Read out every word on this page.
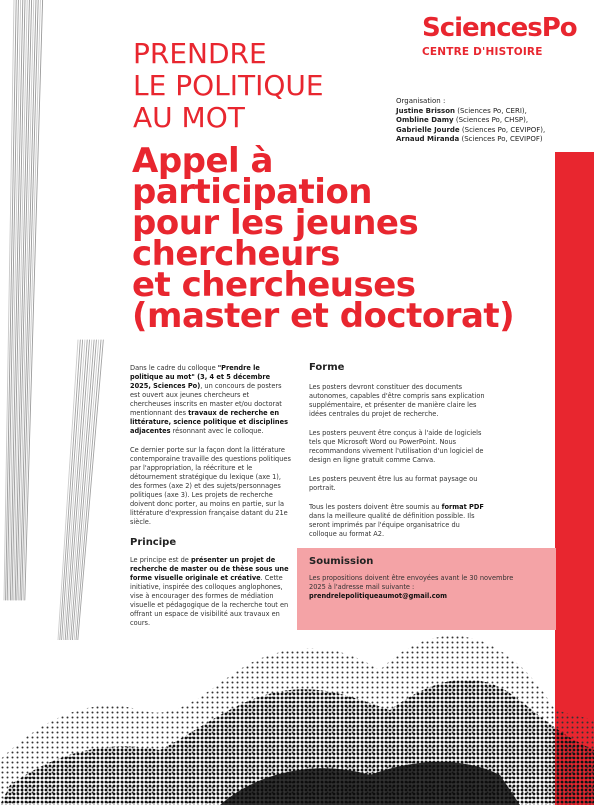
SciencesPo
CENTRE D'HISTOIRE
PRENDRE
LE POLITIQUE
AU MOT	Organisation :
Justine Brisson (Sciences Po, CERI),
Ombline Damy (Sciences Po, CHSP),
Gabrielle Jourde (Sciences Po, CEVIPOF),
Arnaud Miranda (Sciences Po, CEVIPOF)
Appel à
participation
pour les jeunes
chercheurs
et chercheuses
(master et doctorat)

Dans le cadre du colloque "Prendre le politique au mot" (3, 4 et 5 décembre 2025, Sciences Po), un concours de posters est ouvert aux jeunes chercheurs et chercheuses inscrits en master et/ou doctorat mentionnant des travaux de recherche en littérature, science politique et disciplines adjacentes résonnant avec le colloque.

Ce dernier porte sur la façon dont la littérature contemporaine travaille des questions politiques par l'appropriation, la réécriture et le détournement stratégique du lexique (axe 1), des formes (axe 2) et des sujets/personnages politiques (axe 3). Les projets de recherche doivent donc porter, au moins en partie, sur la littérature d'expression française datant du 21e siècle.

Principe

Le principe est de présenter un projet de recherche de master ou de thèse sous une forme visuelle originale et créative. Cette initiative, inspirée des colloques anglophones, vise à encourager des formes de médiation visuelle et pédagogique de la recherche tout en offrant un espace de visibilité aux travaux en cours.

Forme

Les posters devront constituer des documents autonomes, capables d'être compris sans explication supplémentaire, et présenter de manière claire les idées centrales du projet de recherche.

Les posters peuvent être conçus à l'aide de logiciels tels que Microsoft Word ou PowerPoint. Nous recommandons vivement l'utilisation d'un logiciel de design en ligne gratuit comme Canva.

Les posters peuvent être lus au format paysage ou portrait.

Tous les posters doivent être soumis au format PDF dans la meilleure qualité de définition possible. Ils seront imprimés par l'équipe organisatrice du colloque au format A2.

Soumission
Les propositions doivent être envoyées avant le 30 novembre 2025 à l'adresse mail suivante :
prendrelepolitiqueaumot@gmail.com
